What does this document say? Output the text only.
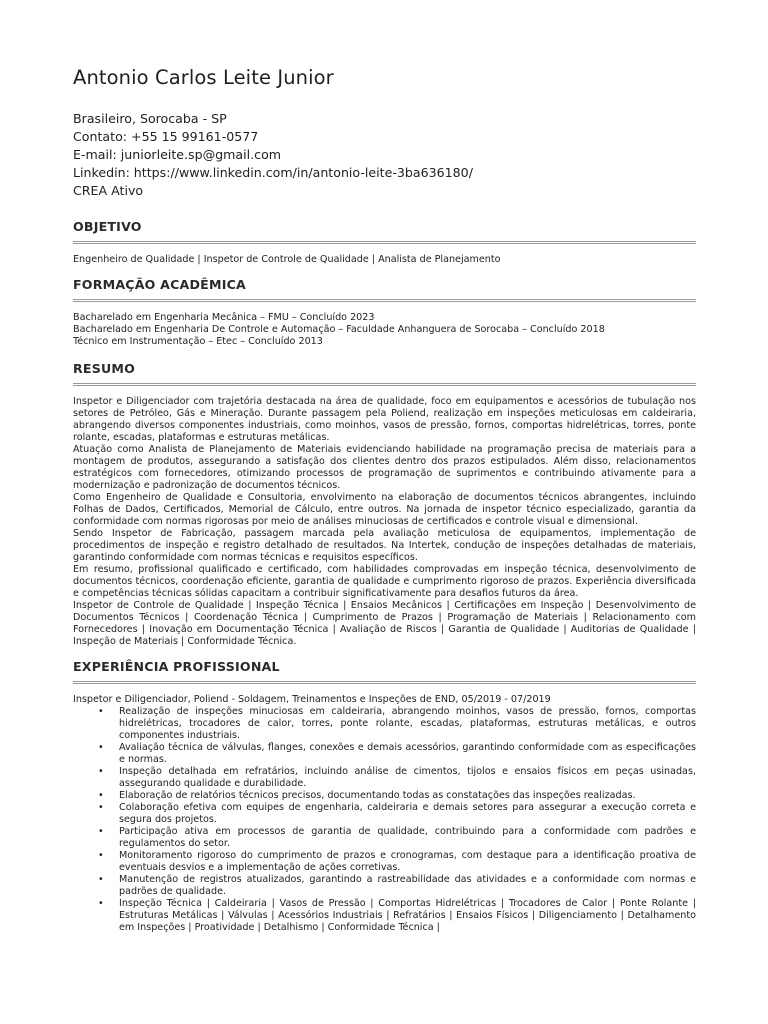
Antonio Carlos Leite Junior
Brasileiro, Sorocaba - SP
Contato: +55 15 99161-0577
E-mail: juniorleite.sp@gmail.com
Linkedin: https://www.linkedin.com/in/antonio-leite-3ba636180/
CREA Ativo
OBJETIVO
Engenheiro de Qualidade | Inspetor de Controle de Qualidade | Analista de Planejamento
FORMAÇÃO ACADÊMICA
Bacharelado em Engenharia Mecânica – FMU – Concluído 2023
Bacharelado em Engenharia De Controle e Automação – Faculdade Anhanguera de Sorocaba – Concluído 2018
Técnico em Instrumentação – Etec – Concluído 2013
RESUMO

Inspetor e Diligenciador com trajetória destacada na área de qualidade, foco em equipamentos e acessórios de tubulação nos setores de Petróleo, Gás e Mineração. Durante passagem pela Poliend, realização em inspeções meticulosas em caldeiraria, abrangendo diversos componentes industriais, como moinhos, vasos de pressão, fornos, comportas hidrelétricas, torres, ponte rolante, escadas, plataformas e estruturas metálicas.

Atuação como Analista de Planejamento de Materiais evidenciando habilidade na programação precisa de materiais para a montagem de produtos, assegurando a satisfação dos clientes dentro dos prazos estipulados. Além disso, relacionamentos estratégicos com fornecedores, otimizando processos de programação de suprimentos e contribuindo ativamente para a modernização e padronização de documentos técnicos.

Como Engenheiro de Qualidade e Consultoria, envolvimento na elaboração de documentos técnicos abrangentes, incluindo Folhas de Dados, Certificados, Memorial de Cálculo, entre outros. Na jornada de inspetor técnico especializado, garantia da conformidade com normas rigorosas por meio de análises minuciosas de certificados e controle visual e dimensional.

Sendo Inspetor de Fabricação, passagem marcada pela avaliação meticulosa de equipamentos, implementação de procedimentos de inspeção e registro detalhado de resultados. Na Intertek, condução de inspeções detalhadas de materiais, garantindo conformidade com normas técnicas e requisitos específicos.

Em resumo, profissional qualificado e certificado, com habilidades comprovadas em inspeção técnica, desenvolvimento de documentos técnicos, coordenação eficiente, garantia de qualidade e cumprimento rigoroso de prazos. Experiência diversificada e competências técnicas sólidas capacitam a contribuir significativamente para desafios futuros da área.

Inspetor de Controle de Qualidade | Inspeção Técnica | Ensaios Mecânicos | Certificações em Inspeção | Desenvolvimento de Documentos Técnicos | Coordenação Técnica | Cumprimento de Prazos | Programação de Materiais | Relacionamento com Fornecedores | Inovação em Documentação Técnica | Avaliação de Riscos | Garantia de Qualidade | Auditorias de Qualidade | Inspeção de Materiais | Conformidade Técnica.

EXPERIÊNCIA PROFISSIONAL
Inspetor e Diligenciador, Poliend - Soldagem, Treinamentos e Inspeções de END, 05/2019 - 07/2019
• Realização de inspeções minuciosas em caldeiraria, abrangendo moinhos, vasos de pressão, fornos, comportas hidrelétricas, trocadores de calor, torres, ponte rolante, escadas, plataformas, estruturas metálicas, e outros componentes industriais.
• Avaliação técnica de válvulas, flanges, conexões e demais acessórios, garantindo conformidade com as especificações e normas.
• Inspeção detalhada em refratários, incluindo análise de cimentos, tijolos e ensaios físicos em peças usinadas, assegurando qualidade e durabilidade.
• Elaboração de relatórios técnicos precisos, documentando todas as constatações das inspeções realizadas.
• Colaboração efetiva com equipes de engenharia, caldeiraria e demais setores para assegurar a execução correta e segura dos projetos.
• Participação ativa em processos de garantia de qualidade, contribuindo para a conformidade com padrões e regulamentos do setor.
• Monitoramento rigoroso do cumprimento de prazos e cronogramas, com destaque para a identificação proativa de eventuais desvios e a implementação de ações corretivas.
• Manutenção de registros atualizados, garantindo a rastreabilidade das atividades e a conformidade com normas e padrões de qualidade.
• Inspeção Técnica | Caldeiraria | Vasos de Pressão | Comportas Hidrelétricas | Trocadores de Calor | Ponte Rolante | Estruturas Metálicas | Válvulas | Acessórios Industriais | Refratários | Ensaios Físicos | Diligenciamento | Detalhamento em Inspeções | Proatividade | Detalhismo | Conformidade Técnica |
